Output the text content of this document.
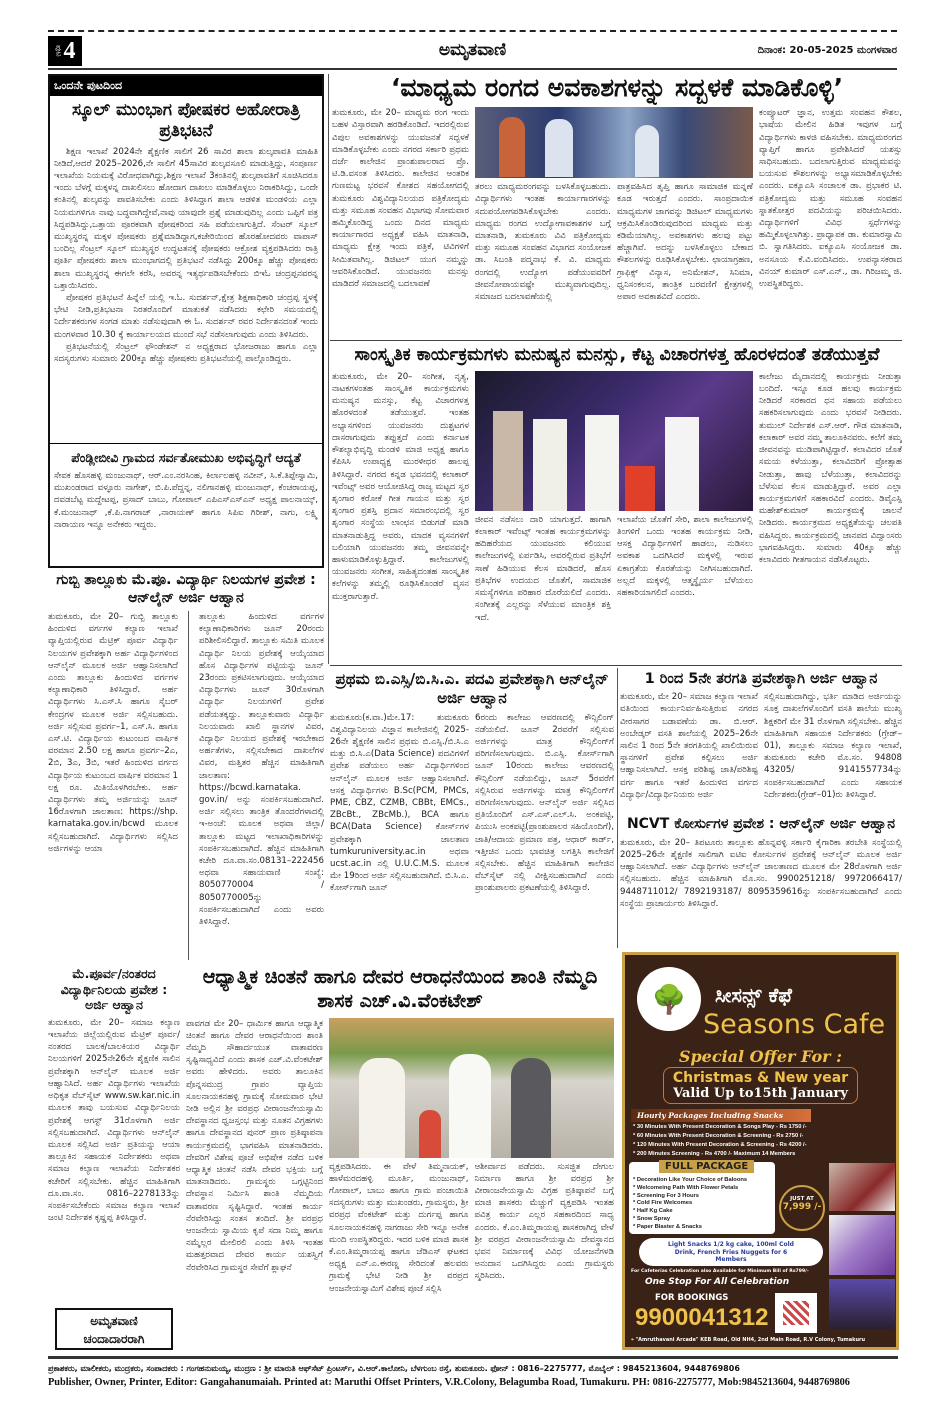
ಪುಟ 4	ಅಮೃತವಾಣಿ	ದಿನಾಂಕ: 20-05-2025 ಮಂಗಳವಾರ
ಒಂದನೇ ಪುಟದಿಂದ
ಸ್ಕೂಲ್ ಮುಂಭಾಗ ಪೋಷಕರ ಅಹೋರಾತ್ರಿ ಪ್ರತಿಭಟನೆ

ಶಿಕ್ಷಣ ಇಲಾಖೆ 2024ನೇ ಶೈಕ್ಷಣಿಕ ಸಾಲಿಗೆ 26 ಸಾವಿರ ಶಾಲಾ ಶುಲ್ಕಪಾವತಿ ಮಾಹಿತಿ ನೀಡಿದೆ,ಆದರೆ 2025–2026,ನೇ ಸಾಲಿಗೆ 45ಸಾವಿರ ಶುಲ್ಕವಸೂಲಿ ಮಾಡುತ್ತಿದ್ದು, ಸಂಪೂರ್ಣ ಇಲಾಖೆಯ ನಿಯಮಕ್ಕೆ ವಿರೋಧವಾಗಿದ್ದು,ಶಿಕ್ಷಣ ಇಲಾಖೆ 3ಕಂತಿನಲ್ಲಿ ಶುಲ್ಕಪಾವತಿಗೆ ಸೂಚಿಸಿದರೂ ಇಂದು ಬೆಳಗ್ಗೆ ಮಕ್ಕಳನ್ನ ದಾಖಲಿಸಲು ಹೋದಾಗ ದಾಖಲು ಮಾಡಿಕೊಳ್ಳಲು ನಿರಾಕರಿಸಿದ್ದು, ಒಂದೇ ಕಂತಿನಲ್ಲಿ ಶುಲ್ಕವನ್ನು ಪಾವತಿಸಬೇಕು ಎಂದು ತಿಳಿಸಿದ್ದಾಗ ಶಾಲಾ ಆಡಳಿತ ಮಂಡಳಿಯ ಎಲ್ಲಾ ನಿಯಮಗಳಿಗೂ ನಾವು ಬದ್ಧವಾಗಿದ್ದೇವೆ,ನಾವು ಯಾವುದೇ ಪ್ರಶ್ನೆ ಮಾಡುವುದಿಲ್ಲ ಎಂದು ಒಪ್ಪಿಗೆ ಪತ್ರ ಸಿದ್ದಪಡಿಸಿದ್ದು,ಒತ್ತಾಯ ಪೂರಕವಾಗಿ ಪೋಷಕರಿಂದ ಸಹಿ ಪಡೆಯಲಾಗುತ್ತಿದೆ. ಸೆಂಟರ್ ಸ್ಕೂಲ್ ಮುಖ್ಯಸ್ಥರನ್ನ ಮಕ್ಕಳ ಪೋಷಕರು ಪ್ರಶ್ನೆಮಾಡಿದ್ದಾಗ,ಕಚೇರಿಯಿಂದ ಹೊರಹೋದವರು ವಾಪಾಸ್ ಬಂದಿಲ್ಲ ಸೆಂಟ್ರಲ್ ಸ್ಕೂಲ್ ಮುಖ್ಯಸ್ಥರ ಉದ್ಧಟತನಕ್ಕೆ ಪೋಷಕರು ಆಕ್ರೋಶ ವ್ಯಕ್ತಪಡಿಸಿದರು ರಾತ್ರಿ ಪೂರ್ತಿ ಪೋಷಕರು ಶಾಲಾ ಮುಂಭಾಗದಲ್ಲಿ ಪ್ರತಿಭಟನೆ ನಡೆಸಿದ್ದು 200ಕ್ಕೂ ಹೆಚ್ಚು ಪೋಷಕರು ಶಾಲಾ ಮುಖ್ಯಸ್ಥರನ್ನ ಈಗಲೇ ಕರೆಸಿ, ಅವರನ್ನ ಇತ್ಯರ್ಥಪಡಿಸಬೇಕೆಂದು ಬಿಇಓ ಚಂದ್ರಪ್ಪನವರನ್ನ ಒತ್ತಾಯಿಸಿದರು.

ಪೋಷಕರ ಪ್ರತಿಭಟನೆ ಹಿನ್ನೆಲೆ ಯಲ್ಲಿ ಇ.ಓ. ಸುದರ್ಶನ್,ಕ್ಷೇತ್ರ ಶಿಕ್ಷಣಾಧಿಕಾರಿ ಚಂದ್ರಪ್ಪ ಸ್ಥಳಕ್ಕೆ ಭೇಟಿ ನೀಡಿ,ಪ್ರತಿಭಟನಾ ನಿರತರೊಂದಿಗೆ ಮಾತುಕತೆ ನಡೆಸಿದರು ಕಛೇರಿ ಸಮಯದಲ್ಲಿ ನಿರ್ದೇಶಕರುಗಳ ಸಂಗಡ ಮಾತು ನಡೆಸುವುದಾಗಿ ಈ ಓ. ಸುದರ್ಶನ್ ರವರ ನಿರ್ದೇಶನದಂತೆ ಇಂದು ಮಂಗಳವಾರ 10.30 ಕ್ಕೆ ಕಾರ್ಯಾಲಯದ ಮುಂದೆ ಸಭೆ ನಡೆಸಲಾಗುವುದು ಎಂದು ತಿಳಿಸಿದರು.

ಪ್ರತಿಭಟನೆಯಲ್ಲಿ ಸೆಂಟ್ರಲ್ ಫೌಂಡೇಶನ್ ನ ಅಧ್ಯಕ್ಷರಾದ ಭೋಜರಾಜು ಹಾಗೂ ಎಲ್ಲಾ ಸದಸ್ಯರುಗಳು ಸುಮಾರು 200ಕ್ಕೂ ಹೆಚ್ಚು ಪೋಷಕರು ಪ್ರತಿಭಟನೆಯಲ್ಲಿ ಪಾಲ್ಗೊಂಡಿದ್ದರು.

ಪೆಂಡ್ಲೀಬೀವಿ ಗ್ರಾಮದ ಸರ್ವತೋಮುಖ ಅಭಿವೃದ್ಧಿಗೆ ಆದ್ಯತೆ
ಸೇವಕ ಹೊಸಹಳ್ಳಿ ಮಂಜುನಾಥ್, ಆರ್.ಎಂ.ನರಸಿಂಹ, ಕಿರ್ಲಾಲಹಳ್ಳಿ ನವೀನ್, ಸಿ.ಕೆ.ತಿಪ್ಪೇಸ್ವಾಮಿ, ಮುಖಂಡರಾದ ವಳ್ಳೂರು ನಾಗೇಶ್, ಬಿ.ಪಿ.ಪೆದ್ದನ್ನ, ನಲಿಗಾನಹಳ್ಳಿ ಮಂಜುನಾಥ್, ಕೆಂಚರಾಯಪ್ಪ, ದವಡಬೆಟ್ಟ ಮದ್ದೇಟಪ್ಪ, ಪ್ರಸಾದ್ ಬಾಬು, ಗೋಪಾಲ್ ಎಪಿಎಸ್‌ಎಸ್‌ಎನ್ ಅಧ್ಯಕ್ಷ ಪಾಲನಾಯ್ಕ್, ಕೆ.ಮಂಜುನಾಥ್ ,ಕೆ.ಪಿ.ನಾಗರಾಜ್ ,ನಾರಾಯಣ್ ಹಾಗೂ ಸಿಪಿಐ ಗಿರೀಶ್, ನಾಗು, ಲಕ್ಷ್ಮಿ ನಾರಾಯಣ ಇನ್ನೂ ಅನೇಕರು ಇದ್ದರು.
ಗುಬ್ಬಿ ತಾಲ್ಲೂಕು ಮೆ.ಪೂ. ವಿದ್ಯಾರ್ಥಿ ನಿಲಯಗಳ ಪ್ರವೇಶ : ಆನ್‌ಲೈನ್ ಅರ್ಜಿ ಆಹ್ವಾನ
ತುಮಕೂರು, ಮೇ 20– ಗುಬ್ಬಿ ತಾಲ್ಲೂಕು ಹಿಂದುಳಿದ ವರ್ಗಗಳ ಕಲ್ಯಾಣ ಇಲಾಖೆ ವ್ಯಾಪ್ತಿಯಲ್ಲಿರುವ ಮೆಟ್ರಿಕ್ ಪೂರ್ವ ವಿದ್ಯಾರ್ಥಿ ನಿಲಯಗಳ ಪ್ರವೇಶಕ್ಕಾಗಿ ಅರ್ಹ ವಿದ್ಯಾರ್ಥಿಗಳಿಂದ ಆನ್‌ಲೈನ್ ಮೂಲಕ ಅರ್ಜಿ ಆಹ್ವಾನಿಸಲಾಗಿದೆ ಎಂದು ತಾಲ್ಲೂಕು ಹಿಂದುಳಿದ ವರ್ಗಗಳ ಕಲ್ಯಾಣಾಧಿಕಾರಿ ತಿಳಿಸಿದ್ದಾರೆ. ಅರ್ಹ ವಿದ್ಯಾರ್ಥಿಗಳು ಸಿ.ಎಸ್.ಸಿ ಹಾಗೂ ಸೈಬರ್ ಕೇಂದ್ರಗಳ ಮೂಲಕ ಅರ್ಜಿ ಸಲ್ಲಿಸಬಹುದು. ಅರ್ಜಿ ಸಲ್ಲಿಸುವ ಪ್ರವರ್ಗ–1, ಎಸ್.ಸಿ. ಹಾಗೂ ಎಸ್.ಟಿ. ವಿದ್ಯಾರ್ಥಿಯ ಕುಟುಂಬದ ವಾರ್ಷಿಕ ವರಮಾನ 2.50 ಲಕ್ಷ ಹಾಗೂ ಪ್ರವರ್ಗ–2ಎ, 2ಬಿ, 3ಎ, 3ಬಿ, ಇತರೆ ಹಿಂದುಳಿದ ವರ್ಗದ ವಿದ್ಯಾರ್ಥಿಯ ಕುಟುಂಬದ ವಾರ್ಷಿಕ ವರಮಾನ 1 ಲಕ್ಷ ರೂ. ಮಿತಿಯೊಳಗಿರಬೇಕು. ಅರ್ಹ ವಿದ್ಯಾರ್ಥಿಗಳು ತಮ್ಮ ಅರ್ಜಿಯನ್ನು ಜೂನ್ 16ರೊಳಗಾಗಿ ಜಾಲತಾಣ: https://shp. karnataka.gov.in/bcwd ಮೂಲಕ ಸಲ್ಲಿಸಬಹುದಾಗಿದೆ. ವಿದ್ಯಾರ್ಥಿಗಳು ಸಲ್ಲಿಸಿದ ಅರ್ಜಿಗಳನ್ನು ಆಯಾ
ತಾಲ್ಲೂಕು ಹಿಂದುಳಿದ ವರ್ಗಗಳ ಕಲ್ಯಾಣಾಧಿಕಾರಿಗಳು ಜೂನ್ 20ರಂದು ಪರಿಶೀಲಿಸಲಿದ್ದಾರೆ. ತಾಲ್ಲೂಕು ಸಮಿತಿ ಮೂಲಕ ವಿದ್ಯಾರ್ಥಿ ನಿಲಯ ಪ್ರವೇಶಕ್ಕೆ ಆಯ್ಕೆಯಾದ ಹೊಸ ವಿದ್ಯಾರ್ಥಿಗಳ ಪಟ್ಟಿಯನ್ನು ಜೂನ್ 23ರಂದು ಪ್ರಕಟಿಸಲಾಗುವುದು. ಆಯ್ಕೆಯಾದ ವಿದ್ಯಾರ್ಥಿಗಳು ಜೂನ್ 30ರೊಳಗಾಗಿ ವಿದ್ಯಾರ್ಥಿ ನಿಲಯಗಳಿಗೆ ಪ್ರವೇಶ ಪಡೆಯತಕ್ಕದ್ದು. ತಾಲ್ಲೂಕುವಾರು ವಿದ್ಯಾರ್ಥಿ ನಿಲಯವಾರು ಖಾಲಿ ಸ್ಥಾನಗಳ ವಿವರ, ವಿದ್ಯಾರ್ಥಿ ನಿಲಯದ ಪ್ರವೇಶಕ್ಕೆ ಇರಬೇಕಾದ ಅರ್ಹತೆಗಳು, ಸಲ್ಲಿಸಬೇಕಾದ ದಾಖಲೆಗಳ ವಿವರ, ಮತ್ತಿತರ ಹೆಚ್ಚಿನ ಮಾಹಿತಿಗಾಗಿ ಜಾಲತಾಣ: https://bcwd.karnataka. gov.in/ ಅನ್ನು ಸಂಪರ್ಕಿಸಬಹುದಾಗಿದೆ. ಅರ್ಜಿ ಸಲ್ಲಿಸಲು ತಾಂತ್ರಿಕ ತೊಂದರೆಗಳಾದಲ್ಲಿ ಇ-ಅಂಚೆ: ಮೂಲಕ ಅಥವಾ ಜಿಲ್ಲಾ/ ತಾಲ್ಲೂಕು ಮಟ್ಟದ ಇಲಾಖಾಧಿಕಾರಿಗಳನ್ನು ಸಂಪರ್ಕಿಸಬಹುದಾಗಿದೆ. ಹೆಚ್ಚಿನ ಮಾಹಿತಿಗಾಗಿ ಕಚೇರಿ ದೂ.ವಾ.ಸಂ.08131–222456 ಅಥವಾ ಸಹಾಯವಾಣಿ ಸಂಖ್ಯೆ: 8050770004 / 8050770005ನ್ನು ಸಂಪರ್ಕಿಸಬಹುದಾಗಿದೆ ಎಂದು ಅವರು ತಿಳಿಸಿದ್ದಾರೆ.
ಮೆ.ಪೂರ್ವ/ನಂತರದ ವಿದ್ಯಾರ್ಥಿನಿಲಯ ಪ್ರವೇಶ : ಅರ್ಜಿ ಆಹ್ವಾನ
ತುಮಕೂರು, ಮೇ 20– ಸಮಾಜ ಕಲ್ಯಾಣ ಇಲಾಖೆಯ ಜಿಲ್ಲೆಯಲ್ಲಿರುವ ಮೆಟ್ರಿಕ್ ಪೂರ್ವ/ ನಂತರದ ಬಾಲಕ/ಬಾಲಕಿಯರ ವಿದ್ಯಾರ್ಥಿ ನಿಲಯಗಳಿಗೆ 2025ನೇ26ನೇ ಶೈಕ್ಷಣಿಕ ಸಾಲಿನ ಪ್ರವೇಶಕ್ಕಾಗಿ ಆನ್‌ಲೈನ್ ಮೂಲಕ ಅರ್ಜಿ ಆಹ್ವಾನಿಸಿದೆ. ಅರ್ಹ ವಿದ್ಯಾರ್ಥಿಗಳು ಇಲಾಖೆಯ ಅಧಿಕೃತ ವೆಬ್‌ಸೈಟ್ www.sw.kar.nic.in ಮೂಲಕ ತಾವು ಬಯಸುವ ವಿದ್ಯಾರ್ಥಿನಿಲಯ ಪ್ರವೇಶಕ್ಕೆ ಆಗಸ್ಟ್ 31ರೊಳಗಾಗಿ ಅರ್ಜಿ ಸಲ್ಲಿಸಬಹುದಾಗಿದೆ. ವಿದ್ಯಾರ್ಥಿಗಳು ಆನ್‌ಲೈನ್ ಮೂಲಕ ಸಲ್ಲಿಸಿದ ಅರ್ಜಿ ಪ್ರತಿಯನ್ನು ಆಯಾ ತಾಲ್ಲೂಕಿನ ಸಹಾಯಕ ನಿರ್ದೇಶಕರು ಅಥವಾ ಸಮಾಜ ಕಲ್ಯಾಣ ಇಲಾಖೆಯ ನಿರ್ದೇಶಕರ ಕಚೇರಿಗೆ ಸಲ್ಲಿಸಬೇಕು. ಹೆಚ್ಚಿನ ಮಾಹಿತಿಗಾಗಿ ದೂ.ವಾ.ಸಂ. 0816–2278133ನ್ನು ಸಂಪರ್ಕಿಸಬೇಕೆಂದು ಸಮಾಜ ಕಲ್ಯಾಣ ಇಲಾಖೆ ಜಂಟಿ ನಿರ್ದೇಶಕ ಕೃಷ್ಣಪ್ಪ ತಿಳಿಸಿದ್ದಾರೆ.
ಅಮೃತವಾಣಿ
ಚಂದಾದಾರರಾಗಿ
‘ಮಾಧ್ಯಮ ರಂಗದ ಅವಕಾಶಗಳನ್ನು ಸದ್ಬಳಕೆ ಮಾಡಿಕೊಳ್ಳಿ’
ತುಮಕೂರು, ಮೇ 20– ಮಾಧ್ಯಮ ರಂಗ ಇಂದು ಬಹಳ ವಿಸ್ತಾರವಾಗಿ ಹರಡಿಕೊಂಡಿದೆ. ಇದರಲ್ಲಿರುವ ವಿಪುಲ ಅವಕಾಶಗಳನ್ನು ಯುವಜನತೆ ಸದ್ಬಳಕೆ ಮಾಡಿಕೊಳ್ಳಬೇಕು ಎಂದು ನಗರದ ಸರ್ಕಾರಿ ಪ್ರಥಮ ದರ್ಜೆ ಕಾಲೇಜಿನ ಪ್ರಾಂಶುಪಾಲರಾದ ಪ್ರೊ. ಟಿ.ಡಿ.ವಸಂತ ತಿಳಿಸಿದರು. ಕಾಲೇಜಿನ ಆಂತರಿಕ ಗುಣಮಟ್ಟ ಭರವಸೆ ಕೋಶದ ಸಹಯೋಗದಲ್ಲಿ ತುಮಕೂರು ವಿಶ್ವವಿದ್ಯಾನಿಲಯದ ಪತ್ರಿಕೋದ್ಯಮ ಮತ್ತು ಸಮೂಹ ಸಂವಹನ ವಿಭಾಗವು ಸೋಮವಾರ ಹಮ್ಮಿಕೊಂಡಿದ್ದ ಒಂದು ದಿನದ ಮಾಧ್ಯಮ ಕಾರ್ಯಾಗಾರದ ಅಧ್ಯಕ್ಷತೆ ವಹಿಸಿ ಮಾತನಾಡಿ, ಮಾಧ್ಯಮ ಕ್ಷೇತ್ರ ಇಂದು ಪತ್ರಿಕೆ, ಟಿವಿಗಳಿಗೆ ಸೀಮಿತವಾಗಿಲ್ಲ. ಡಿಜಿಟಲ್ ಯುಗ ನಮ್ಮನ್ನು ಆವರಿಸಿಕೊಂಡಿದೆ. ಯುವಜನರು ಮನಸ್ಸು ಮಾಡಿದರೆ ಸಮಾಜದಲ್ಲಿ ಬದಲಾವಣೆ
ತರಲು ಮಾಧ್ಯಮರಂಗವನ್ನು ಬಳಸಿಕೊಳ್ಳಬಹುದು. ವಿದ್ಯಾರ್ಥಿಗಳು ಇಂತಹ ಕಾರ್ಯಾಗಾರಗಳನ್ನು ಸದುಪಯೋಗಪಡಿಸಿಕೊಳ್ಳಬೇಕು ಎಂದರು. ಮಾಧ್ಯಮ ರಂಗದ ಉದ್ಯೋಗಾವಕಾಶಗಳ ಬಗ್ಗೆ ಮಾತನಾಡಿ, ತುಮಕೂರು ವಿವಿ ಪತ್ರಿಕೋದ್ಯಮ ಮತ್ತು ಸಮೂಹ ಸಂವಹನ ವಿಭಾಗದ ಸಂಯೋಜಕ ಡಾ. ಸಿಬಂತಿ ಪದ್ಮನಾಭ ಕೆ. ವಿ. ಮಾಧ್ಯಮ ರಂಗದಲ್ಲಿ ಉದ್ಯೋಗ ಪಡೆಯುವವರಿಗೆ ಜೀವನೋಪಾಯವಷ್ಟೇ ಮುಖ್ಯವಾಗುವುದಿಲ್ಲ. ಸಮಾಜದ ಬದಲಾವಣೆಯಲ್ಲಿ
ಪಾತ್ರವಹಿಸಿದ ತೃಪ್ತಿ ಹಾಗೂ ಸಾಮಾಜಿಕ ಮನ್ನಣೆ ಕೂಡ ಇರುತ್ತದೆ ಎಂದರು. ಸಾಂಪ್ರದಾಯಿಕ ಮಾಧ್ಯಮಗಳ ಜಾಗವನ್ನು ಡಿಜಿಟಲ್ ಮಾಧ್ಯಮಗಳು ಆಕ್ರಮಿಸಿಕೊಂಡಿರುವುದರಿಂದ ಮಾಧ್ಯಮ ಮತ್ತು ಕಡಿಮೆಯಾಗಿಲ್ಲ. ಅವಕಾಶಗಳು ಹಲವು ಪಟ್ಟು ಹೆಚ್ಚಾಗಿವೆ. ಅದನ್ನು ಬಳಸಿಕೊಳ್ಳಲು ಬೇಕಾದ ಕೌಶಲಗಳನ್ನು ರೂಢಿಸಿಕೊಳ್ಳಬೇಕು. ಛಾಯಾಗ್ರಹಣ, ಗ್ರಾಫಿಕ್ಸ್ ವಿನ್ಯಾಸ, ಅನಿಮೇಶನ್, ಸಿನಿಮಾ, ಧ್ವನಿಸಂಕಲನ, ತಾಂತ್ರಿಕ ಬರವಣಿಗೆ ಕ್ಷೇತ್ರಗಳಲ್ಲಿ ಅಪಾರ ಅವಕಾಶವಿದೆ ಎಂದರು.
ಕಂಪ್ಯೂಟರ್ ಜ್ಞಾನ, ಉತ್ತಮ ಸಂವಹನ ಕೌಶಲ, ಭಾಷೆಯ ಮೇಲಿನ ಹಿಡಿತ ಇವುಗಳ ಬಗ್ಗೆ ವಿದ್ಯಾರ್ಥಿಗಳು ಕಾಳಜಿ ವಹಿಸಬೇಕು. ಮಾಧ್ಯಮರಂಗದ ವ್ಯಾಪ್ತಿಗೆ ಹಾಗೂ ಪ್ರವೇಶಿಸಿದರೆ ಯಶಸ್ಸು ಸಾಧಿಸಬಹುದು. ಬದಲಾಗುತ್ತಿರುವ ಮಾಧ್ಯಮವನ್ನು ಬಯಸುವ ಕೌಶಲಗಳನ್ನು ಅಭ್ಯಾಸಮಾಡಿಕೊಳ್ಳಬೇಕು ಎಂದರು. ಐಕ್ಯೂಎಸಿ ಸಂಚಾಲಕ ಡಾ. ಪ್ರಭಾಕರ ಟಿ. ಪತ್ರಿಕೋದ್ಯಮ ಮತ್ತು ಸಮೂಹ ಸಂವಹನ ಸ್ನಾತಕೋತ್ತರ ಪದವಿಯನ್ನು ಪರಿಚಯಿಸಿದರು. ವಿದ್ಯಾರ್ಥಿಗಳಿಗೆ ವಿವಿಧ ಸ್ಪರ್ಧೆಗಳನ್ನು ಹಮ್ಮಿಕೊಳ್ಳಲಾಗಿತ್ತು. ಪ್ರಾಧ್ಯಾಪಕ ಡಾ. ಕುಮಾರಸ್ವಾಮಿ ಬಿ. ಸ್ವಾಗತಿಸಿದರು. ಐಕ್ಯೂಎಸಿ ಸಂಯೋಜಕ ಡಾ. ಅನಸೂಯ ಕೆ.ವಿ.ವಂದಿಸಿದರು. ಉಪನ್ಯಾಸಕರಾದ ವಿನಯ್ ಕುಮಾರ್ ಎಸ್.ಎನ್., ಡಾ. ಗಿರಿಜಮ್ಮ ಜಿ. ಉಪಸ್ಥಿತರಿದ್ದರು.
ಸಾಂಸ್ಕೃತಿಕ ಕಾರ್ಯಕ್ರಮಗಳು ಮನುಷ್ಯನ ಮನಸ್ಸು, ಕೆಟ್ಟ ವಿಚಾರಗಳತ್ತ ಹೊರಳದಂತೆ ತಡೆಯುತ್ತವೆ
ತುಮಕೂರು, ಮೇ 20– ಸಂಗೀತ, ನೃತ್ಯ, ನಾಟಕಗಳಂತಹ ಸಾಂಸ್ಕೃತಿಕ ಕಾರ್ಯಕ್ರಮಗಳು ಮನುಷ್ಯನ ಮನಸ್ಸು, ಕೆಟ್ಟ ವಿಚಾರಗಳತ್ತ ಹೊರಳದಂತೆ ತಡೆಯುತ್ತವೆ. ಇಂತಹ ಅಭ್ಯಾಸಗಳಿಂದ ಯುವಜನರು ದುಶ್ಚಟಗಳ ದಾಸರಾಗುವುದು ತಪ್ಪುತ್ತದೆ ಎಂದು ಕರ್ನಾಟಕ ಕೌಶಲ್ಯಾಭಿವೃದ್ಧಿ ಮಂಡಳಿ ಮಾಜಿ ಅಧ್ಯಕ್ಷ ಹಾಗೂ ಕೆಪಿಸಿಸಿ ಉಪಾಧ್ಯಕ್ಷ ಮುರಳೀಧರ ಹಾಲಪ್ಪ ತಿಳಿಸಿದ್ದಾರೆ. ನಗರದ ಕನ್ನಡ ಭವನದಲ್ಲಿ ಕಲಾಕಾರ್ ಇವೆಂಟ್ಸ್ ಅವರ ಆಯೋಜಿಸಿದ್ದ ರಾಜ್ಯ ಮಟ್ಟದ ಸ್ವರ ಶೃಂಗಾರ ಕರೋಕೆ ಗೀತ ಗಾಯನ ಮತ್ತು ಸ್ವರ ಶೃಂಗಾರ ಪ್ರಶಸ್ತಿ ಪ್ರದಾನ ಸಮಾರಂಭದಲ್ಲಿ ಸ್ವರ ಶೃಂಗಾರ ಸಂಸ್ಥೆಯ ಲಾಂಛನ ಬಿಡುಗಡೆ ಮಾಡಿ ಮಾತನಾಡುತ್ತಿದ್ದ ಅವರು, ಮಾದಕ ವ್ಯಸನಗಳಿಗೆ ಬಲಿಯಾಗಿ ಯುವಜನರು ತಮ್ಮ ಜೀವನವನ್ನೇ ಹಾಳುಮಾಡಿಕೊಳ್ಳುತ್ತಿದ್ದಾರೆ. ಕಾಲೇಜುಗಳಲ್ಲಿ ಯುವಜನರು ಸಂಗೀತ, ಸಾಹಿತ್ಯದಂತಹ ಸಾಂಸ್ಕೃತಿಕ ಕಲೆಗಳನ್ನು ತಮ್ಮಲ್ಲಿ ರೂಢಿಸಿಕೊಂಡರೆ ವ್ಯಸನ ಮುಕ್ತರಾಗುತ್ತಾರೆ.
ಜೀವನ ನಡೆಸಲು ದಾರಿ ಯಾಗುತ್ತದೆ. ಹಾಗಾಗಿ ಕಲಾಕಾರ್ ಇವೆಂಟ್ಸ್ ಇಂತಹ ಕಾರ್ಯಕ್ರಮಗಳನ್ನು ಹದಿಹರೆಯದ ಯುವಜನರು ಕಲಿಯುವ ಕಾಲೇಜುಗಳಲ್ಲಿ ಏರ್ಪಡಿಸಿ, ಅವರಲ್ಲಿರುವ ಪ್ರತಿಭೆಗೆ ಸಾಣೆ ಹಿಡಿಯುವ ಕೆಲಸ ಮಾಡಿದರೆ, ಹೊಸ ಪ್ರತಿಭೆಗಳ ಉದಯದ ಜೊತೆಗೆ, ಸಾಮಾಜಿಕ ಸಮಸ್ಯೆಗಳಿಗೂ ಪರಿಹಾರ ದೊರೆಯಲಿದೆ ಎಂದರು. ಸಂಗೀತಕ್ಕೆ ಎಲ್ಲರನ್ನು ಸೆಳೆಯುವ ಮಾಂತ್ರಿಕ ಶಕ್ತಿ ಇದೆ.
ಇಲಾಖೆಯ ಜೊತೆಗೆ ಸೇರಿ, ಶಾಲಾ ಕಾಲೇಜುಗಳಲ್ಲಿ ತಿಂಗಳಿಗೆ ಒಂದು ಇಂತಹ ಕಾರ್ಯಕ್ರಮ ನೀಡಿ, ಆಸಕ್ತ ವಿದ್ಯಾರ್ಥಿಗಳಿಗೆ ಹಾಡಲು, ನುಡಿಸಲು ಅವಕಾಶ ಒದಗಿಸಿದರೆ ಮಕ್ಕಳಲ್ಲಿ ಇರುವ ಏಕಾಗ್ರತೆಯ ಕೊರತೆಯನ್ನು ನೀಗಿಸಬಹುದಾಗಿದೆ. ಅಲ್ಲದೆ ಮಕ್ಕಳಲ್ಲಿ ಆತ್ಮಸ್ಥೈರ್ಯ ಬೆಳೆಯಲು ಸಹಕಾರಿಯಾಗಲಿದೆ ಎಂದರು.
ಕಾಲೇಜು ಮೈದಾನದಲ್ಲಿ ಕಾರ್ಯಕ್ರಮ ನೀಡುತ್ತಾ ಬಂದಿದೆ. ಇನ್ನೂ ಕೂಡ ಹಲವು ಕಾರ್ಯಕ್ರಮ ನೀಡಿದರೆ ಸರಕಾರದ ಧನ ಸಹಾಯ ಪಡೆಯಲು ಸಹಕರಿಸಲಾಗುವುದು ಎಂದು ಭರವಸೆ ನೀಡಿದರು. ತುಮುಲ್ ನಿರ್ದೇಶಕ ಎಸ್.ಆರ್. ಗೌಡ ಮಾತನಾಡಿ, ಕಲಾಕಾರ್ ಅವರ ನಮ್ಮ ತಾಲೂಕಿನವರು. ಕಲೆಗೆ ತಮ್ಮ ಜೀವನವನ್ನು ಮುಡಿಪಾಗಿಟ್ಟಿದ್ದಾರೆ. ಕಲಾವಿದರ ಜೊತೆ ಸಮಯ ಕಳೆಯುತ್ತಾ, ಕಲಾವಿದರಿಗೆ ಪ್ರೋತ್ಸಾಹ ನೀಡುತ್ತಾ, ಹಾವು ಬೆಳೆಯುತ್ತಾ, ಕಲಾವಿದರನ್ನು ಬೆಳೆಸುವ ಕೆಲಸ ಮಾಡುತ್ತಿದ್ದಾರೆ. ಅವರ ಎಲ್ಲಾ ಕಾರ್ಯಕ್ರಮಗಳಿಗೆ ಸಹಕಾರವಿದೆ ಎಂದರು. ಡಿವೈಎಸ್ಪಿ ಮಹೇಶ್‌ಕುಮಾರ್ ಕಾರ್ಯಕ್ರಮಕ್ಕೆ ಚಾಲನೆ ನೀಡಿದರು. ಕಾರ್ಯಕ್ರಮದ ಅಧ್ಯಕ್ಷತೆಯನ್ನು ಚಲಪತಿ ವಹಿಸಿದ್ದರು. ಕಾರ್ಯಕ್ರಮದಲ್ಲಿ ಜಾನಪದ ವಿದ್ವಾಂಸರು ಭಾಗವಹಿಸಿದ್ದರು. ಸುಮಾರು 40ಕ್ಕೂ ಹೆಚ್ಚು ಕಲಾವಿದರು ಗೀತಗಾಯನ ನಡೆಸಿಕೊಟ್ಟರು.
ಪ್ರಥಮ ಬಿ.ಎಸ್ಸಿ/ಬಿ.ಸಿ.ಎ. ಪದವಿ ಪ್ರವೇಶಕ್ಕಾಗಿ ಆನ್‌ಲೈನ್ ಅರ್ಜಿ ಆಹ್ವಾನ
ತುಮಕೂರು(ಕ.ವಾ.)ಮೇ.17: ತುಮಕೂರು ವಿಶ್ವವಿದ್ಯಾನಿಲಯ ವಿಜ್ಞಾನ ಕಾಲೇಜಿನಲ್ಲಿ 2025-26ನೇ ಶೈಕ್ಷಣಿಕ ಸಾಲಿನ ಪ್ರಥಮ ಬಿ.ಎಸ್ಸಿ./ಬಿ.ಸಿ.ಎ ಮತ್ತು ಬಿ.ಸಿ.ಎ(Data Science) ಪದವಿಗಳಿಗೆ ಪ್ರವೇಶ ಪಡೆಯಲು ಅರ್ಹ ವಿದ್ಯಾರ್ಥಿಗಳಿಂದ ಆನ್‌ಲೈನ್ ಮೂಲಕ ಅರ್ಜಿ ಆಹ್ವಾನಿಸಲಾಗಿದೆ. ಆಸಕ್ತ ವಿದ್ಯಾರ್ಥಿಗಳು B.Sc(PCM, PMCs, PME, CBZ, CZMB, CBBt, EMCs., ZBcBt., ZBcMb.), BCA ಹಾಗೂ BCA(Data Science) ಕೋರ್ಸ್‌ಗಳ ಪ್ರವೇಶಕ್ಕಾಗಿ ಜಾಲತಾಣ tumkuruniversity.ac.in ಅಥವಾ ucst.ac.in ನಲ್ಲಿ U.U.C.M.S. ಮೂಲಕ ಮೇ 19ರಿಂದ ಅರ್ಜಿ ಸಲ್ಲಿಸಬಹುದಾಗಿದೆ. ಬಿ.ಸಿ.ಎ. ಕೋರ್ಸ್‌ಗಾಗಿ ಜೂನ್
6ರಂದು ಕಾಲೇಜು ಆವರಣದಲ್ಲಿ ಕೌನ್ಸಿಲಿಂಗ್ ನಡೆಯಲಿದೆ. ಜೂನ್ 2ರವರೆಗೆ ಸಲ್ಲಿಸುವ ಅರ್ಜಿಗಳನ್ನು ಮಾತ್ರ ಕೌನ್ಸಿಲಿಂಗ್‌ಗೆ ಪರಿಗಣಿಸಲಾಗುವುದು. ಬಿ.ಎಸ್ಸಿ. ಕೋರ್ಸ್‌ಗಾಗಿ ಜೂನ್ 10ರಂದು ಕಾಲೇಜು ಆವರಣದಲ್ಲಿ ಕೌನ್ಸಿಲಿಂಗ್ ನಡೆಯಲಿದ್ದು, ಜೂನ್ 5ರವರೆಗೆ ಸಲ್ಲಿಸಿರುವ ಅರ್ಜಿಗಳನ್ನು ಮಾತ್ರ ಕೌನ್ಸಿಲಿಂಗ್‌ಗೆ ಪರಿಗಣಿಸಲಾಗುವುದು. ಆನ್‌ಲೈನ್ ಅರ್ಜಿ ಸಲ್ಲಿಸಿದ ಪ್ರತಿಯೊಂದಿಗೆ ಎಸ್.ಎಸ್.ಎಲ್.ಸಿ. ಅಂಕಪಟ್ಟಿ, ಪಿಯುಸಿ ಅಂಕಪಟ್ಟಿ(ಪ್ರಾಂಶುಪಾಲರ ಸಹಿಯೊಂದಿಗೆ), ಜಾತಿ/ಆದಾಯ ಪ್ರಮಾಣ ಪತ್ರ, ಆಧಾರ್ ಕಾರ್ಡ್, ಇತ್ತೀಚಿನ ಒಂದು ಭಾವಚಿತ್ರ ಲಗತ್ತಿಸಿ ಕಾಲೇಜಿಗೆ ಸಲ್ಲಿಸಬೇಕು. ಹೆಚ್ಚಿನ ಮಾಹಿತಿಗಾಗಿ ಕಾಲೇಜಿನ ವೆಬ್‌ಸೈಟ್ ನಲ್ಲಿ ವೀಕ್ಷಿಸಬಹುದಾಗಿದೆ ಎಂದು ಪ್ರಾಂಶುಪಾಲರು ಪ್ರಕಟಣೆಯಲ್ಲಿ ತಿಳಿಸಿದ್ದಾರೆ.
1 ರಿಂದ 5ನೇ ತರಗತಿ ಪ್ರವೇಶಕ್ಕಾಗಿ ಅರ್ಜಿ ಆಹ್ವಾನ
ತುಮಕೂರು, ಮೇ 20– ಸಮಾಜ ಕಲ್ಯಾಣ ಇಲಾಖೆ ವತಿಯಿಂದ ಕಾರ್ಯನಿರ್ವಹಿಸುತ್ತಿರುವ ನಗರದ ವೀರಸಾಗರ ಬಡಾವಣೆಯ ಡಾ. ಬಿ.ಆರ್. ಅಂಬೇಡ್ಕರ್ ವಸತಿ ಶಾಲೆಯಲ್ಲಿ 2025–26ನೇ ಸಾಲಿನ 1 ರಿಂದ 5ನೇ ತರಗತಿಯಲ್ಲಿ ಖಾಲಿಯಿರುವ ಸ್ಥಾನಗಳಿಗೆ ಪ್ರವೇಶ ಕಲ್ಪಿಸಲು ಅರ್ಜಿ ಆಹ್ವಾನಿಸಲಾಗಿದೆ. ಆಸಕ್ತ ಪರಿಶಿಷ್ಟ ಜಾತಿ/ಪರಿಶಿಷ್ಟ ವರ್ಗ ಹಾಗೂ ಇತರೆ ಹಿಂದುಳಿದ ವರ್ಗದ ವಿದ್ಯಾರ್ಥಿ/ವಿದ್ಯಾರ್ಥಿನಿಯರು ಅರ್ಜಿ
ಸಲ್ಲಿಸಬಹುದಾಗಿದ್ದು, ಭರ್ತಿ ಮಾಡಿದ ಅರ್ಜಿಯನ್ನು ಸೂಕ್ತ ದಾಖಲೆಗಳೊಂದಿಗೆ ವಸತಿ ಶಾಲೆಯ ಮುಖ್ಯ ಶಿಕ್ಷಕರಿಗೆ ಮೇ 31 ರೊಳಗಾಗಿ ಸಲ್ಲಿಸಬೇಕು. ಹೆಚ್ಚಿನ ಮಾಹಿತಿಗಾಗಿ ಸಹಾಯಕ ನಿರ್ದೇಶಕರು (ಗ್ರೇಡ್–01), ತಾಲ್ಲೂಕು ಸಮಾಜ ಕಲ್ಯಾಣ ಇಲಾಖೆ, ತುಮಕೂರು ಕಚೇರಿ ಮೊ.ಸಂ. 94808 43205/ 9141557734ನ್ನು ಸಂಪರ್ಕಿಸಬಹುದಾಗಿದೆ ಎಂದು ಸಹಾಯಕ ನಿರ್ದೇಶಕರು(ಗ್ರೇಡ್–01)ರು ತಿಳಿಸಿದ್ದಾರೆ.
NCVT ಕೋರ್ಸುಗಳ ಪ್ರವೇಶ : ಆನ್‌ಲೈನ್ ಅರ್ಜಿ ಆಹ್ವಾನ
ತುಮಕೂರು, ಮೇ 20– ತಿಪಟೂರು ತಾಲ್ಲೂಕು ಹೊನ್ನವಳ್ಳಿ ಸರ್ಕಾರಿ ಕೈಗಾರಿಕಾ ತರಬೇತಿ ಸಂಸ್ಥೆಯಲ್ಲಿ 2025–26ನೇ ಶೈಕ್ಷಣಿಕ ಸಾಲಿಗಾಗಿ ಐಟಿಐ ಕೋರ್ಸುಗಳ ಪ್ರವೇಶಕ್ಕೆ ಆನ್‌ಲೈನ್ ಮೂಲಕ ಅರ್ಜಿ ಆಹ್ವಾನಿಸಲಾಗಿದೆ. ಅರ್ಹ ವಿದ್ಯಾರ್ಥಿಗಳು ಆನ್‌ಲೈನ್ ಜಾಲತಾಣದ ಮೂಲಕ ಮೇ 28ರೊಳಗಾಗಿ ಅರ್ಜಿ ಸಲ್ಲಿಸಬಹುದು. ಹೆಚ್ಚಿನ ಮಾಹಿತಿಗಾಗಿ ಮೊ.ಸಂ. 9900251218/ 9972066417/ 9448711012/ 7892193187/ 8095359616ನ್ನು ಸಂಪರ್ಕಿಸಬಹುದಾಗಿದೆ ಎಂದು ಸಂಸ್ಥೆಯ ಪ್ರಾಚಾರ್ಯರು ತಿಳಿಸಿದ್ದಾರೆ.
ಆಧ್ಯಾತ್ಮಿಕ ಚಿಂತನೆ ಹಾಗೂ ದೇವರ ಆರಾಧನೆಯಿಂದ ಶಾಂತಿ ನೆಮ್ಮದಿ ಶಾಸಕ ಎಚ್.ವಿ.ವೆಂಕಟೇಶ್
ಪಾವಗಡ ಮೇ 20– ಧಾರ್ಮಿಕ ಹಾಗೂ ಆಧ್ಯಾತ್ಮಿಕ ಚಿಂತನೆ ಹಾಗೂ ದೇವರ ಆರಾಧನೆಯಿಂದ ಶಾಂತಿ ನೆಮ್ಮದಿ ಸೌಹಾರ್ದಯುತ ವಾತಾವರಣ ಸೃಷ್ಟಿಸಾಧ್ಯವಿದೆ ಎಂದು ಶಾಸಕ ಎಚ್.ವಿ.ವೆಂಕಟೇಶ್ ಅವರು ಹೇಳಿದರು. ಅವರು ತಾಲೂಕಿನ ಪೊನ್ನಸಮುದ್ರ ಗ್ರಾಪಂ ವ್ಯಾಪ್ತಿಯ ಸೂಲನಾಯಕನಹಳ್ಳಿ ಗ್ರಾಮಕ್ಕೆ ಸೋಮವಾರ ಭೇಟಿ ನೀಡಿ ಅಲ್ಲಿನ ಶ್ರೀ ವರಪ್ರಧ ವೀರಾಂಜನೇಯಸ್ವಾಮಿ ದೇವಸ್ಥಾನದ ಧ್ವಜಸ್ತಂಭ ಮತ್ತು ನೂತನ ವಿಗ್ರಹಗಳು ಹಾಗೂ ದೇವಸ್ಥಾನದ ಪುನರ್ ಪ್ರಾಣ ಪ್ರತಿಷ್ಠಾಪನಾ ಕಾರ್ಯಕ್ರಮದಲ್ಲಿ ಭಾಗವಹಿಸಿ ಮಾತನಾಡಿದರು. ದೇವರಿಗೆ ವಿಶೇಷ ಪೂಜೆ ಅಭಿಷೇಕ ನಡೆದ ಬಳಿಕ ಆಧ್ಯಾತ್ಮಿಕ ಚಿಂತನೆ ನಡೆಸಿ ದೇವರ ಭಕ್ತಿಯ ಬಗ್ಗೆ ಮಾತನಾಡಿದರು. ಗ್ರಾಮಸ್ಥರು ಒಗ್ಗಟ್ಟಿನಿಂದ ದೇವಸ್ಥಾನ ನಿರ್ಮಿಸಿ ಶಾಂತಿ ನೆಮ್ಮದಿಯ ವಾತಾವರಣ ಸೃಷ್ಟಿಸಿದ್ದಾರೆ. ಇಂತಹ ಕಾರ್ಯ ನೆರವೇರಿಸಿದ್ದು ಸಂತಸ ತಂದಿದೆ. ಶ್ರೀ ವರಪ್ರಧ ಆಂಜನೇಯ ಸ್ವಾಮಿಯ ಕೃಪೆ ಸದಾ ನಿಮ್ಮ ಹಾಗೂ ನಮ್ಮೆಲ್ಲರ ಮೇಲಿರಲಿ ಎಂದು ತಿಳಿಸಿ ಇಂತಹ ಮಹತ್ತರವಾದ ದೇವರ ಕಾರ್ಯ ಯಶಸ್ವಿಗೆ ನೆರವೇರಿಸಿದ ಗ್ರಾಮಸ್ಥರ ಸೇವೆಗೆ ಶ್ಲಾಘನೆ
ವ್ಯಕ್ತಪಡಿಸಿದರು. ಈ ವೇಳೆ ತಿಮ್ಮನಾಯಕ್, ಹಾಳೆಮರದಹಳ್ಳಿ ಮೂರ್ತಿ, ಮಂಜುನಾಥ್, ಗೋಪಾಲ್, ಬಾಬು ಹಾಗೂ ಗ್ರಾಮ ಪಂಚಾಯಿತಿ ಸದಸ್ಯರುಗಳು ಮತ್ತು ಮುಖಂಡರು, ಗ್ರಾಮಸ್ಥರು, ಶ್ರೀ ವರಪ್ರಧ ವೆಂಕಟೇಶ್ ಮತ್ತು ದುರ್ಗಪ್ಪ ಹಾಗೂ ಸೂಲನಾಯಕನಹಳ್ಳಿ ನಾಗರಾಜು ಸೇರಿ ಇನ್ನೂ ಅನೇಕ ಮಂದಿ ಉಪಸ್ಥಿತರಿದ್ದರು. ಇದರ ಬಳಿಕ ಮಾಜಿ ಶಾಸಕ ಕೆ.ಎಂ.ತಿಮ್ಮರಾಯಪ್ಪ ಹಾಗೂ ಜೆಡಿಎಸ್ ಘಟಕದ ಅಧ್ಯಕ್ಷ ಎನ್.ಎ.ಈರಣ್ಣ ಸೇರಿದಂತೆ ಹಲವರು ಗ್ರಾಮಕ್ಕೆ ಭೇಟಿ ನೀಡಿ ಶ್ರೀ ವರಪ್ರದ ಆಂಜನೇಯಸ್ವಾಮಿಗೆ ವಿಶೇಷ ಪೂಜೆ ಸಲ್ಲಿಸಿ
ಆಶೀರ್ವಾದ ಪಡೆದರು. ಸುಸಜ್ಜಿತ ದೇಗುಲ ನಿರ್ಮಾಣ ಹಾಗೂ ಶ್ರೀ ವರಪ್ರಧ ಶ್ರೀ ವೀರಾಂಜನೇಯಸ್ವಾಮಿ ವಿಗ್ರಹ ಪ್ರತಿಷ್ಠಾಪನೆ ಬಗ್ಗೆ ಮಾಜಿ ಶಾಸಕರು ಮೆಚ್ಚುಗೆ ವ್ಯಕ್ತಪಡಿಸಿ ಇಂತಹ ಪವಿತ್ರ ಕಾರ್ಯ ಎಲ್ಲರ ಸಹಕಾರದಿಂದ ಸಾಧ್ಯ ಎಂದರು. ಕೆ.ಎಂ.ತಿಮ್ಮರಾಯಪ್ಪ ಶಾಸಕರಾಗಿದ್ದ ವೇಳೆ ಶ್ರೀ ವರಪ್ರದ ವೀರಾಂಜನೇಯಸ್ವಾಮಿ ದೇವಸ್ಥಾನದ ಭವನ ನಿರ್ಮಾಣಕ್ಕೆ ವಿವಿಧ ಯೋಜನೆಗಳಡಿ ಅನುದಾನ ಒದಗಿಸಿದ್ದರು ಎಂದು ಗ್ರಾಮಸ್ಥರು ಸ್ಮರಿಸಿದರು.
🌳	ಸೀಸನ್ಸ್ ಕೆಫೆ
Seasons Cafe
Special Offer For :
Christmas & New year
Valid Up to15th January
Hourly Packages Including Snacks
* 30 Minutes With Present Decoration & Songs Play - Rs 1750 /-
* 60 Minutes With Present Decoration & Screening - Rs 2750 /-
* 120 Minutes With Present Decoration & Screening - Rs 4200 /-
* 200 Minutes Screening - Rs 4700 /- Maximum 14 Members
FULL PACKAGE
* Decoration Like Your Choice of Baloons
* Welcomeing Path With Flower Petals
* Screening For 3 Hours
* Cold Fire Welcomes
* Half Kg Cake
* Snow Spray
* Paper Blaster & Snacks
JUST AT
7,999 /-
Light Snacks 1/2 kg cake, 100ml Cold Drink, French Fries Nuggets for 6 Members
For Cafeterias Celebration also Available for Minimum Bill of Rs799/-
One Stop For All Celebration
FOR BOOKINGS
9900041312
⌖ "Amruthavani Arcade" KEB Road, Old NH4, 2nd Main Road, R.V Colony, Tumakuru
ಪ್ರಕಾಶಕರು, ಮಾಲೀಕರು, ಮುದ್ರಕರು, ಸಂಪಾದಕರು : ಗಂಗಹನುಮಯ್ಯ, ಮುದ್ರಣ : ಶ್ರೀ ಮಾರುತಿ ಆಫ್‌ಸೆಟ್ ಪ್ರಿಂಟರ್ಸ್, ವಿ.ಆರ್.ಕಾಲೋನಿ, ಬೆಳಗುಂಬ ರಸ್ತೆ, ತುಮಕೂರು. ಫೋನ್ : 0816–2275777, ಮೊಬೈಲ್ : 9845213604, 9448769806
Publisher, Owner, Printer, Editor: Gangahanumaiah. Printed at: Maruthi Offset Printers, V.R.Colony, Belagumba Road, Tumakuru. PH: 0816-2275777, Mob:9845213604, 9448769806
